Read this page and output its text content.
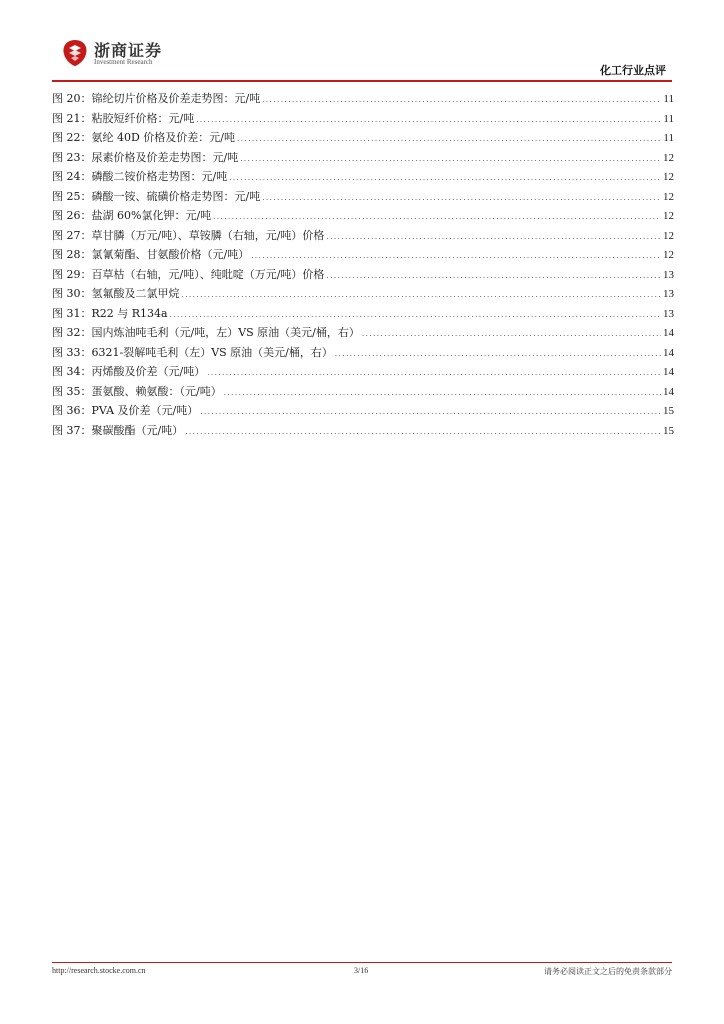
浙商证券
Investment Research
化工行业点评
图 20：锦纶切片价格及价差走势图：元/吨 .....	11
图 21：粘胶短纤价格：元/吨 .....	11
图 22：氨纶 40D 价格及价差：元/吨 .....	11
图 23：尿素价格及价差走势图：元/吨 .....	12
图 24：磷酸二铵价格走势图：元/吨 .....	12
图 25：磷酸一铵、硫磺价格走势图：元/吨 .....	12
图 26：盐湖 60%氯化钾：元/吨 .....	12
图 27：草甘膦（万元/吨）、草铵膦（右轴，元/吨）价格 .....	12
图 28：氯氰菊酯、甘氨酸价格（元/吨） .....	12
图 29：百草枯（右轴，元/吨）、纯吡啶（万元/吨）价格 .....	13
图 30：氢氟酸及二氯甲烷 .....	13
图 31：R22 与 R134a .....	13
图 32：国内炼油吨毛利（元/吨，左）VS 原油（美元/桶，右） .....	14
图 33：6321-裂解吨毛利（左）VS 原油（美元/桶，右） .....	14
图 34：丙烯酸及价差（元/吨） .....	14
图 35：蛋氨酸、赖氨酸：（元/吨） .....	14
图 36：PVA 及价差（元/吨） .....	15
图 37：聚碳酸酯（元/吨） .....	15
http://research.stocke.com.cn	3/16	请务必阅读正文之后的免责条款部分
